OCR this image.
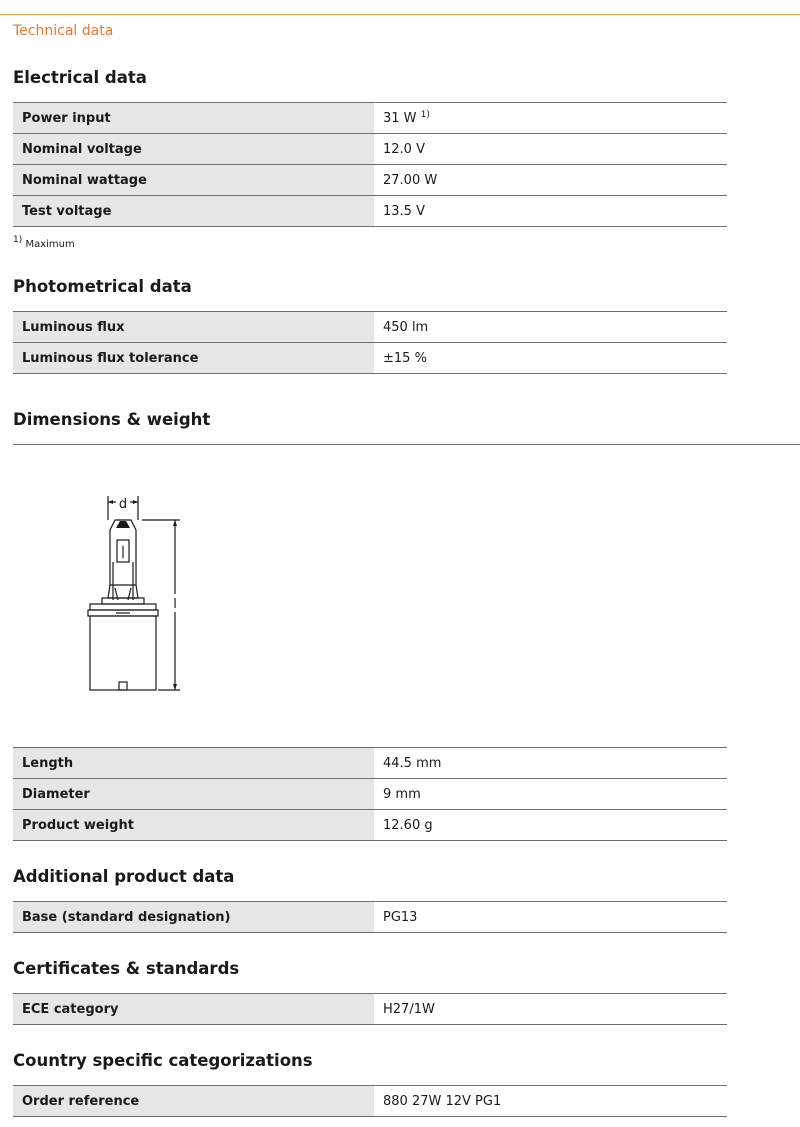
Technical data
Electrical data
Power input	31 W $^{1)}$
Nominal voltage	12.0 V
Nominal wattage	27.00 W
Test voltage	13.5 V
$^{1)}$ Maximum
Photometrical data
Luminous flux	450 lm
Luminous flux tolerance	±15 %
Dimensions & weight
d
l
Length	44.5 mm
Diameter	9 mm
Product weight	12.60 g
Additional product data
Base (standard designation)	PG13
Certificates & standards
ECE category	H27/1W
Country specific categorizations
Order reference	880 27W 12V PG1
